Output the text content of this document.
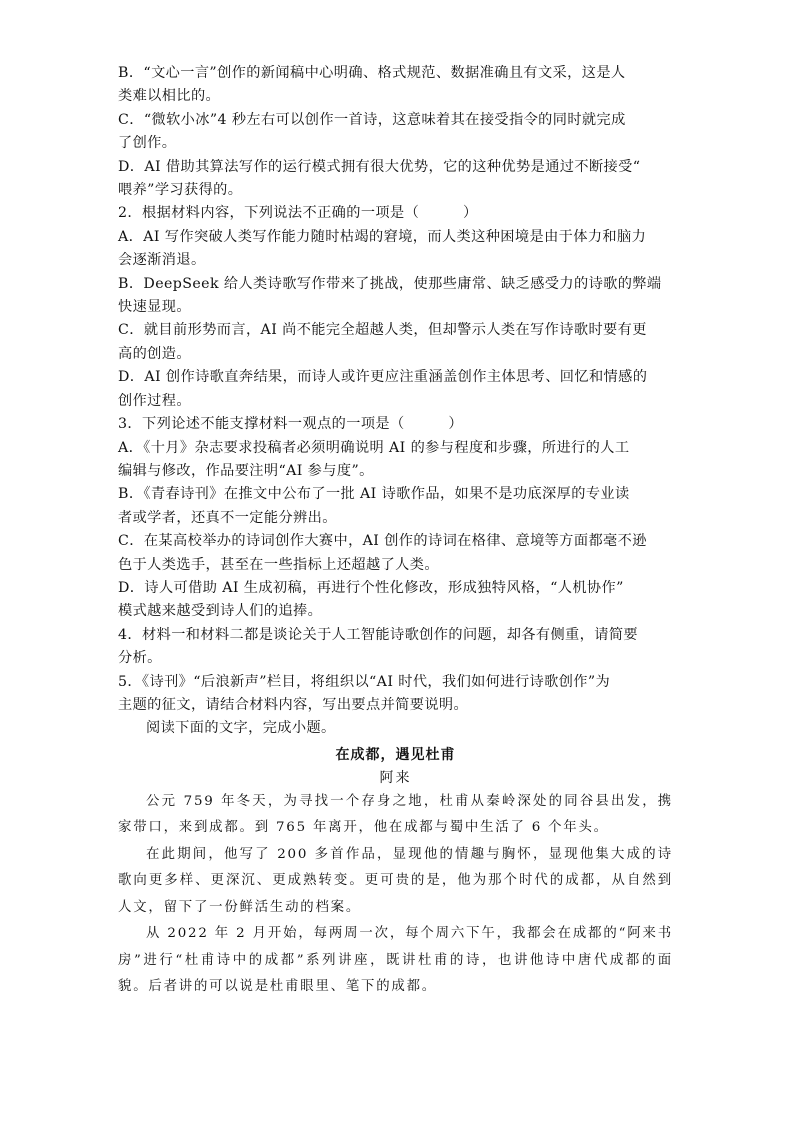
B．“文心一言”创作的新闻稿中心明确、格式规范、数据准确且有文采，这是人
类难以相比的。

C．“微软小冰”4 秒左右可以创作一首诗，这意味着其在接受指令的同时就完成
了创作。

D．AI 借助其算法写作的运行模式拥有很大优势，它的这种优势是通过不断接受“
喂养”学习获得的。

2．根据材料内容，下列说法不正确的一项是（　　　）

A．AI 写作突破人类写作能力随时枯竭的窘境，而人类这种困境是由于体力和脑力
会逐渐消退。

B．DeepSeek 给人类诗歌写作带来了挑战，使那些庸常、缺乏感受力的诗歌的弊端
快速显现。

C．就目前形势而言，AI 尚不能完全超越人类，但却警示人类在写作诗歌时要有更
高的创造。

D．AI 创作诗歌直奔结果，而诗人或许更应注重涵盖创作主体思考、回忆和情感的
创作过程。

3．下列论述不能支撑材料一观点的一项是（　　　）

A．《十月》杂志要求投稿者必须明确说明 AI 的参与程度和步骤，所进行的人工
编辑与修改，作品要注明“AI 参与度”。

B．《青春诗刊》在推文中公布了一批 AI 诗歌作品，如果不是功底深厚的专业读
者或学者，还真不一定能分辨出。

C．在某高校举办的诗词创作大赛中，AI 创作的诗词在格律、意境等方面都毫不逊
色于人类选手，甚至在一些指标上还超越了人类。

D．诗人可借助 AI 生成初稿，再进行个性化修改，形成独特风格，“人机协作”
模式越来越受到诗人们的追捧。

4．材料一和材料二都是谈论关于人工智能诗歌创作的问题，却各有侧重，请简要
分析。

5．《诗刊》“后浪新声”栏目，将组织以“AI 时代，我们如何进行诗歌创作”为
主题的征文，请结合材料内容，写出要点并简要说明。

阅读下面的文字，完成小题。

在成都，遇见杜甫
阿来

公元 759 年冬天，为寻找一个存身之地，杜甫从秦岭深处的同谷县出发，携家带口，来到成都。到 765 年离开，他在成都与蜀中生活了 6 个年头。

在此期间，他写了 200 多首作品，显现他的情趣与胸怀，显现他集大成的诗歌向更多样、更深沉、更成熟转变。更可贵的是，他为那个时代的成都，从自然到人文，留下了一份鲜活生动的档案。

从 2022 年 2 月开始，每两周一次，每个周六下午，我都会在成都的“阿来书房”进行“杜甫诗中的成都”系列讲座，既讲杜甫的诗，也讲他诗中唐代成都的面貌。后者讲的可以说是杜甫眼里、笔下的成都。
